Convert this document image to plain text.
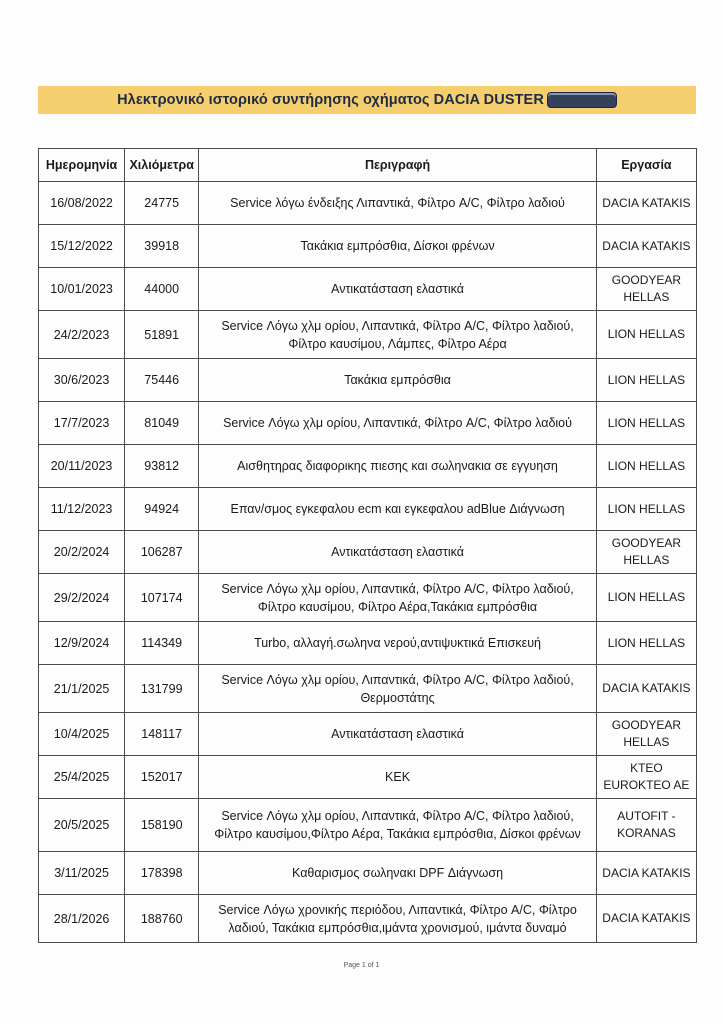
Ηλεκτρονικό ιστορικό συντήρησης οχήματος DACIA DUSTER
Ημερομηνία	Χιλιόμετρα	Περιγραφή	Εργασία
16/08/2022	24775	Service λόγω ένδειξης Λιπαντικά, Φίλτρο A/C, Φίλτρο λαδιού	DACIA KATAKIS
15/12/2022	39918	Τακάκια εμπρόσθια, Δίσκοι φρένων	DACIA KATAKIS
10/01/2023	44000	Αντικατάσταση ελαστικά	GOODYEAR HELLAS
24/2/2023	51891	Service Λόγω χλμ ορίου, Λιπαντικά, Φίλτρο A/C, Φίλτρο λαδιού, Φίλτρο καυσίμου, Λάμπες, Φίλτρο Αέρα	LION HELLAS
30/6/2023	75446	Τακάκια εμπρόσθια	LION HELLAS
17/7/2023	81049	Service Λόγω χλμ ορίου, Λιπαντικά, Φίλτρο A/C, Φίλτρο λαδιού	LION HELLAS
20/11/2023	93812	Αισθητηρας διαφορικης πιεσης και σωληνακια σε εγγυηση	LION HELLAS
11/12/2023	94924	Επαν/σμος εγκεφαλου ecm και εγκεφαλου adBlue Διάγνωση	LION HELLAS
20/2/2024	106287	Αντικατάσταση ελαστικά	GOODYEAR HELLAS
29/2/2024	107174	Service Λόγω χλμ ορίου, Λιπαντικά, Φίλτρο A/C, Φίλτρο λαδιού, Φίλτρο καυσίμου, Φίλτρο Αέρα,Τακάκια εμπρόσθια	LION HELLAS
12/9/2024	114349	Turbo, αλλαγή.σωληνα νερού,αντιψυκτικά Επισκευή	LION HELLAS
21/1/2025	131799	Service Λόγω χλμ ορίου, Λιπαντικά, Φίλτρο A/C, Φίλτρο λαδιού, Θερμοστάτης	DACIA KATAKIS
10/4/2025	148117	Αντικατάσταση ελαστικά	GOODYEAR HELLAS
25/4/2025	152017	ΚΕΚ	KTEO EUROKTEO AE
20/5/2025	158190	Service Λόγω χλμ ορίου, Λιπαντικά, Φίλτρο A/C, Φίλτρο λαδιού, Φίλτρο καυσίμου,Φίλτρο Αέρα, Τακάκια εμπρόσθια, Δίσκοι φρένων	AUTOFIT - KORANAS
3/11/2025	178398	Καθαρισμος σωληνακι DPF Διάγνωση	DACIA KATAKIS
28/1/2026	188760	Service Λόγω χρονικής περιόδου, Λιπαντικά, Φίλτρο A/C, Φίλτρο λαδιού, Τακάκια εμπρόσθια,ιμάντα χρονισμού, ιμάντα δυναμό	DACIA KATAKIS
Page 1 of 1
